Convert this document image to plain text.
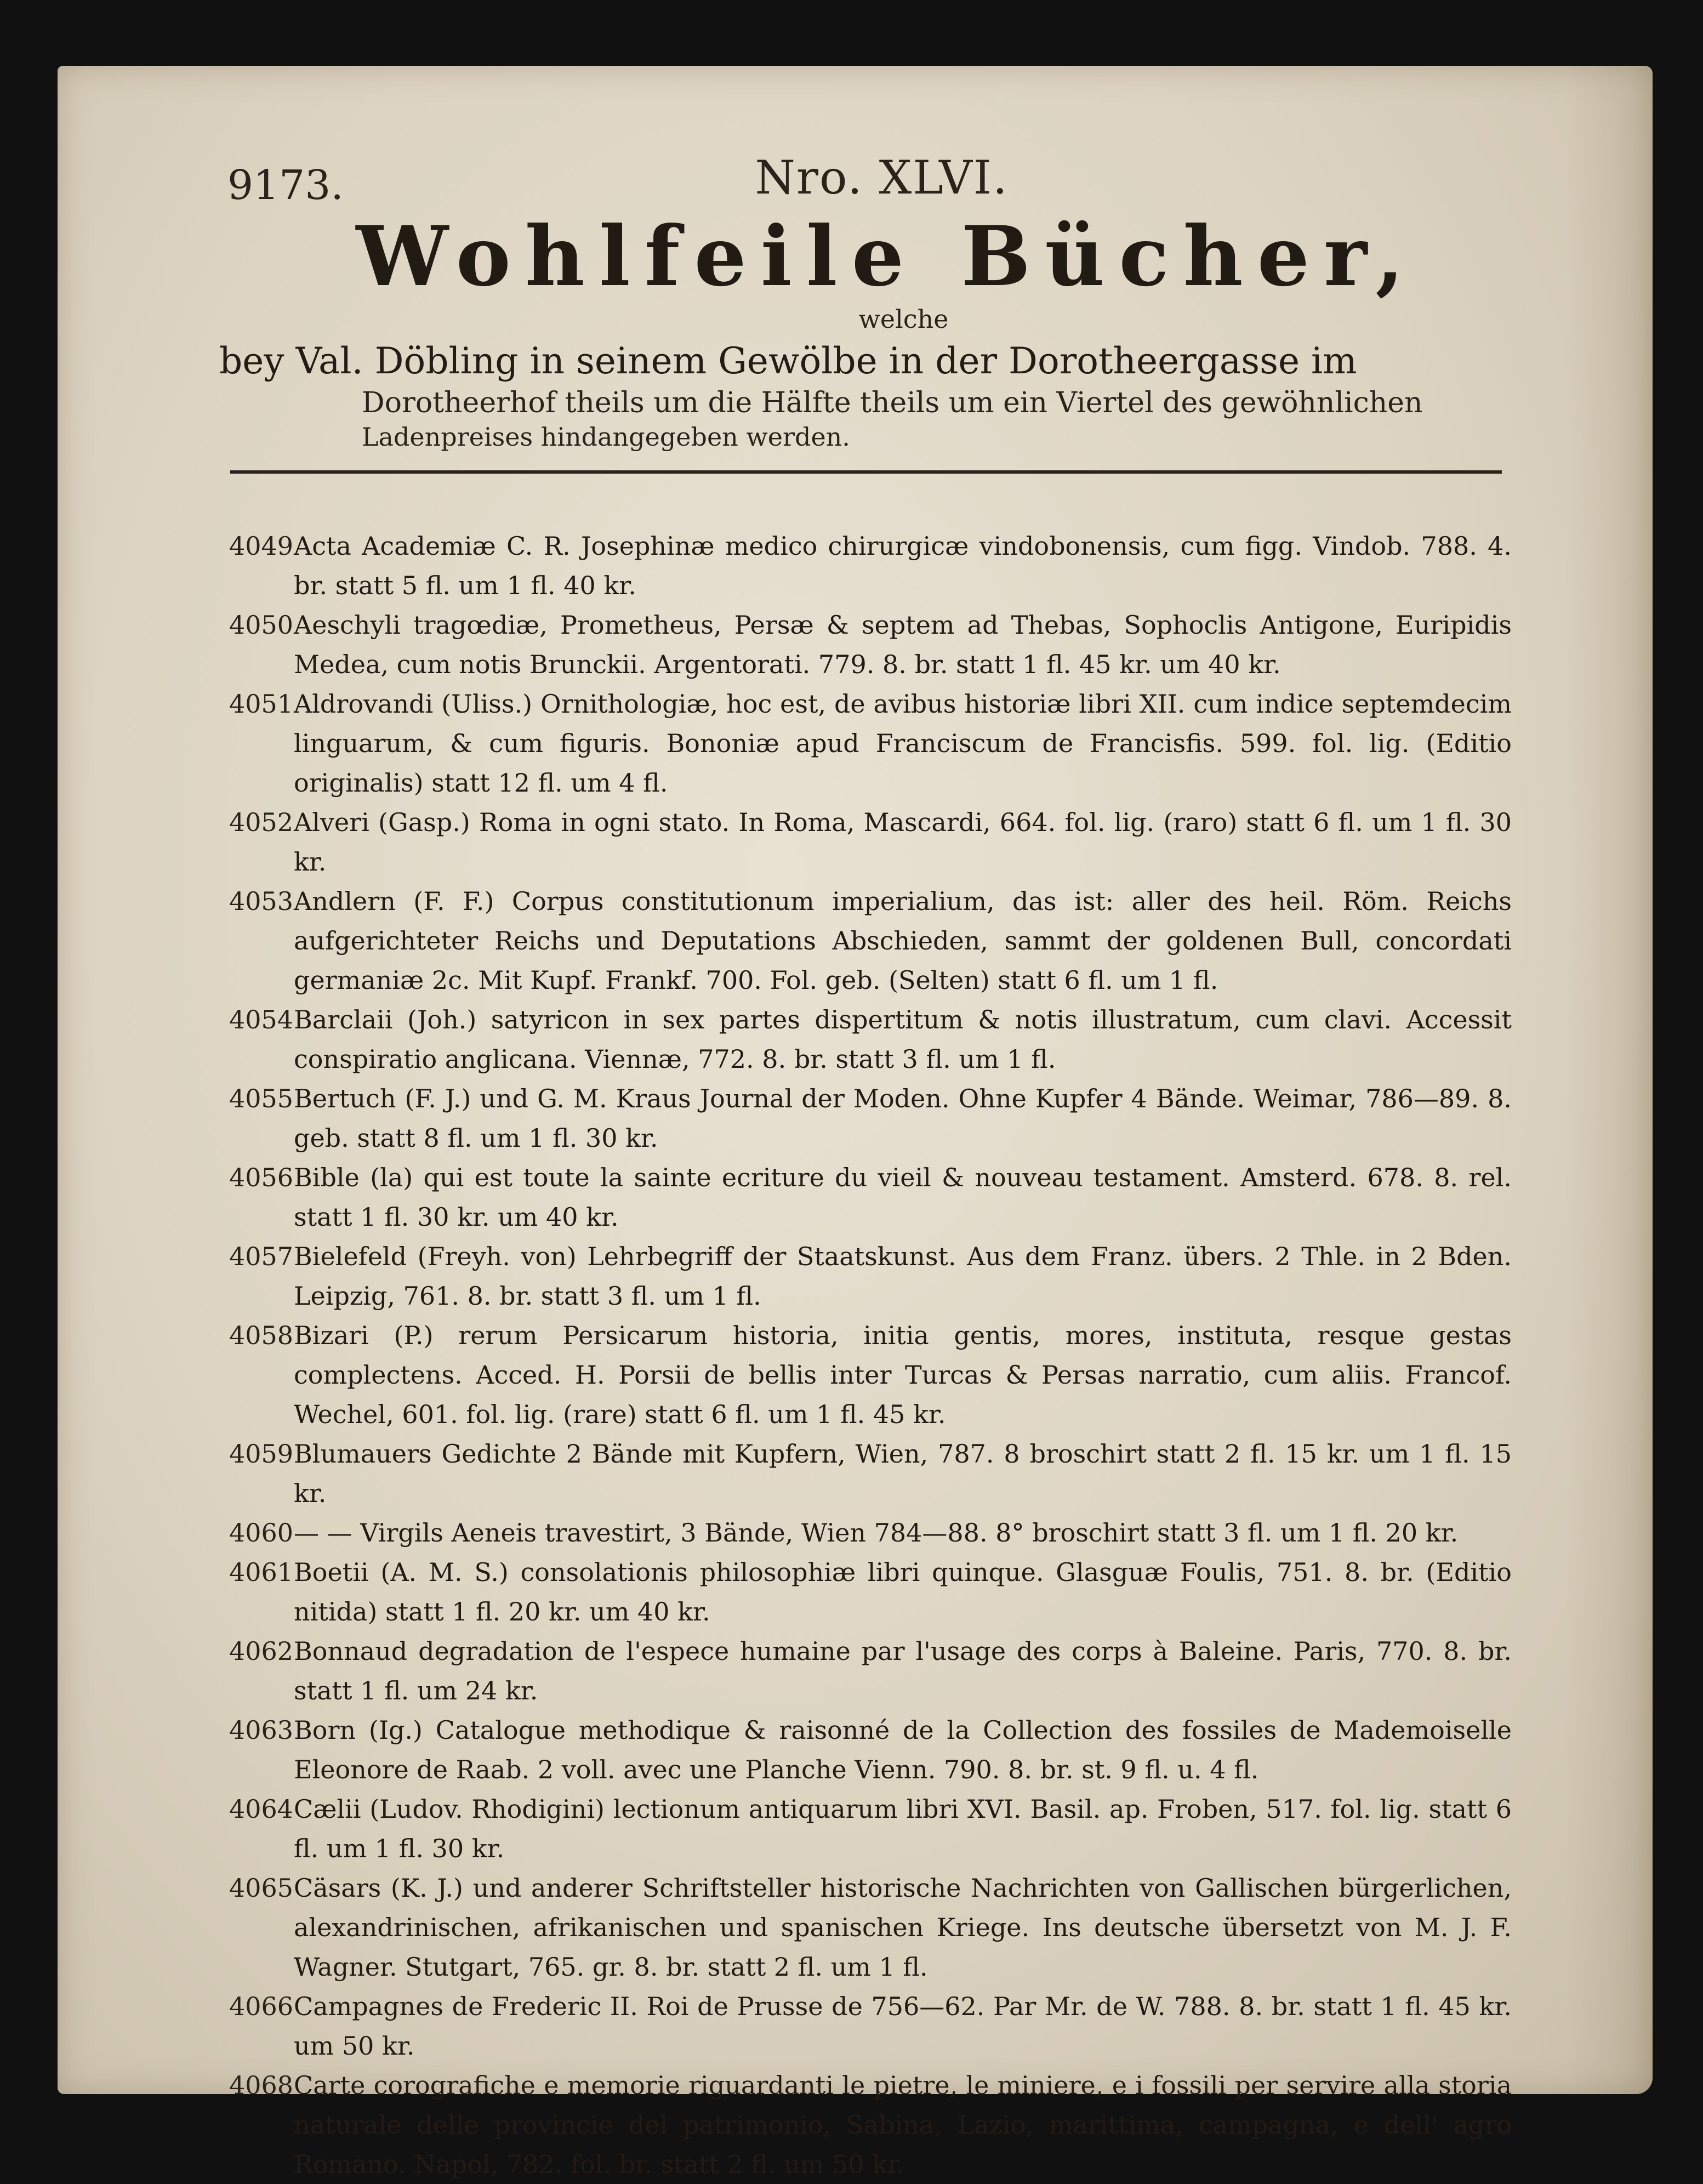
9173.	Nro. XLVI.
Wohlfeile Bücher,
welche
bey Val. Döbling in seinem Gewölbe in der Dorotheergasse im
Dorotheerhof theils um die Hälfte theils um ein Viertel des gewöhnlichen
Ladenpreises hindangegeben werden.
4049 Acta Academiæ C. R. Josephinæ medico chirurgicæ vindobonensis, cum figg. Vindob. 788. 4. br. statt 5 fl. um 1 fl. 40 kr.
4050 Aeschyli tragœdiæ, Prometheus, Persæ & septem ad Thebas, Sophoclis Antigone, Euripidis Medea, cum notis Brunckii. Argentorati. 779. 8. br. statt 1 fl. 45 kr. um 40 kr.
4051 Aldrovandi (Uliss.) Ornithologiæ, hoc est, de avibus historiæ libri XII. cum indice septemdecim linguarum, & cum figuris. Bononiæ apud Franciscum de Francisfis. 599. fol. lig. (Editio originalis) statt 12 fl. um 4 fl.
4052 Alveri (Gasp.) Roma in ogni stato. In Roma, Mascardi, 664. fol. lig. (raro) statt 6 fl. um 1 fl. 30 kr.
4053 Andlern (F. F.) Corpus constitutionum imperialium, das ist: aller des heil. Röm. Reichs aufgerichteter Reichs und Deputations Abschieden, sammt der goldenen Bull, concordati germaniæ 2c. Mit Kupf. Frankf. 700. Fol. geb. (Selten) statt 6 fl. um 1 fl.
4054 Barclaii (Joh.) satyricon in sex partes dispertitum & notis illustratum, cum clavi. Accessit conspiratio anglicana. Viennæ, 772. 8. br. statt 3 fl. um 1 fl.
4055 Bertuch (F. J.) und G. M. Kraus Journal der Moden. Ohne Kupfer 4 Bände. Weimar, 786—89. 8. geb. statt 8 fl. um 1 fl. 30 kr.
4056 Bible (la) qui est toute la sainte ecriture du vieil & nouveau testament. Amsterd. 678. 8. rel. statt 1 fl. 30 kr. um 40 kr.
4057 Bielefeld (Freyh. von) Lehrbegriff der Staatskunst. Aus dem Franz. übers. 2 Thle. in 2 Bden. Leipzig, 761. 8. br. statt 3 fl. um 1 fl.
4058 Bizari (P.) rerum Persicarum historia, initia gentis, mores, instituta, resque gestas complectens. Acced. H. Porsii de bellis inter Turcas & Persas narratio, cum aliis. Francof. Wechel, 601. fol. lig. (rare) statt 6 fl. um 1 fl. 45 kr.
4059 Blumauers Gedichte 2 Bände mit Kupfern, Wien, 787. 8 broschirt statt 2 fl. 15 kr. um 1 fl. 15 kr.
4060 — — Virgils Aeneis travestirt, 3 Bände, Wien 784—88. 8° broschirt statt 3 fl. um 1 fl. 20 kr.
4061 Boetii (A. M. S.) consolationis philosophiæ libri quinque. Glasguæ Foulis, 751. 8. br. (Editio nitida) statt 1 fl. 20 kr. um 40 kr.
4062 Bonnaud degradation de l'espece humaine par l'usage des corps à Baleine. Paris, 770. 8. br. statt 1 fl. um 24 kr.
4063 Born (Ig.) Catalogue methodique & raisonné de la Collection des fossiles de Mademoiselle Eleonore de Raab. 2 voll. avec une Planche Vienn. 790. 8. br. st. 9 fl. u. 4 fl.
4064 Cælii (Ludov. Rhodigini) lectionum antiquarum libri XVI. Basil. ap. Froben, 517. fol. lig. statt 6 fl. um 1 fl. 30 kr.
4065 Cäsars (K. J.) und anderer Schriftsteller historische Nachrichten von Gallischen bürgerlichen, alexandrinischen, afrikanischen und spanischen Kriege. Ins deutsche übersetzt von M. J. F. Wagner. Stutgart, 765. gr. 8. br. statt 2 fl. um 1 fl.
4066 Campagnes de Frederic II. Roi de Prusse de 756—62. Par Mr. de W. 788. 8. br. statt 1 fl. 45 kr. um 50 kr.
4068 Carte corografiche e memorie riguardanti le pietre, le miniere, e i fossili per servire alla storia naturale delle provincie del patrimonio, Sabina, Lazio, marittima, campagna, e dell' agro Romano. Napol, 782. fol. br. statt 2 fl. um 50 kr.
